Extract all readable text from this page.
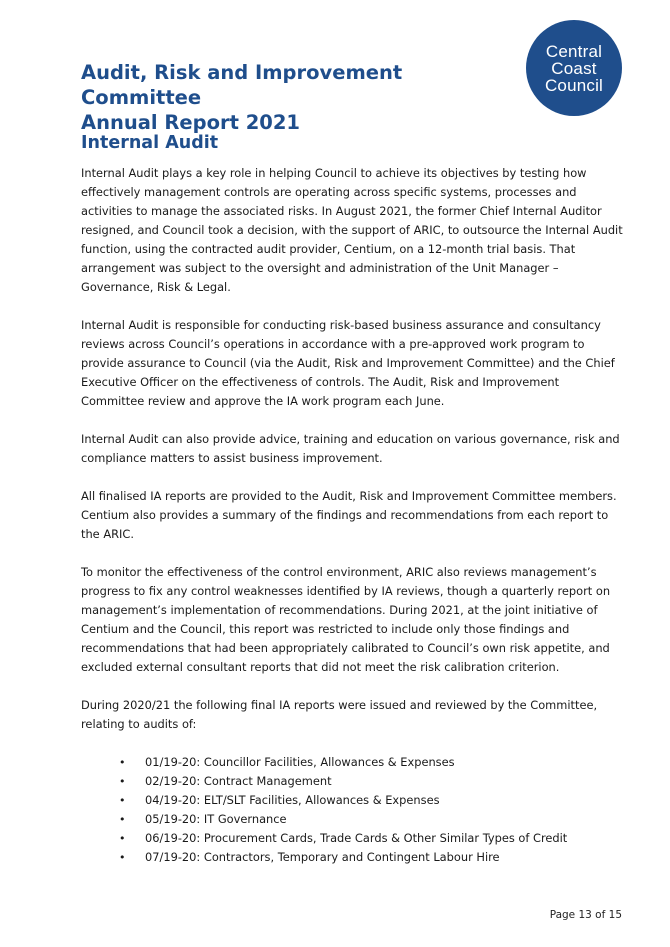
Audit, Risk and Improvement Committee
Annual Report 2021
Central
Coast
Council
Internal Audit

Internal Audit plays a key role in helping Council to achieve its objectives by testing how effectively management controls are operating across specific systems, processes and activities to manage the associated risks. In August 2021, the former Chief Internal Auditor resigned, and Council took a decision, with the support of ARIC, to outsource the Internal Audit function, using the contracted audit provider, Centium, on a 12-month trial basis. That arrangement was subject to the oversight and administration of the Unit Manager – Governance, Risk & Legal.

Internal Audit is responsible for conducting risk-based business assurance and consultancy reviews across Council’s operations in accordance with a pre-approved work program to provide assurance to Council (via the Audit, Risk and Improvement Committee) and the Chief Executive Officer on the effectiveness of controls. The Audit, Risk and Improvement Committee review and approve the IA work program each June.

Internal Audit can also provide advice, training and education on various governance, risk and compliance matters to assist business improvement.

All finalised IA reports are provided to the Audit, Risk and Improvement Committee members. Centium also provides a summary of the findings and recommendations from each report to the ARIC.

To monitor the effectiveness of the control environment, ARIC also reviews management’s progress to fix any control weaknesses identified by IA reviews, though a quarterly report on management’s implementation of recommendations. During 2021, at the joint initiative of Centium and the Council, this report was restricted to include only those findings and recommendations that had been appropriately calibrated to Council’s own risk appetite, and excluded external consultant reports that did not meet the risk calibration criterion.

During 2020/21 the following final IA reports were issued and reviewed by the Committee, relating to audits of:

• 01/19-20: Councillor Facilities, Allowances & Expenses
• 02/19-20: Contract Management
• 04/19-20: ELT/SLT Facilities, Allowances & Expenses
• 05/19-20: IT Governance
• 06/19-20: Procurement Cards, Trade Cards & Other Similar Types of Credit
• 07/19-20: Contractors, Temporary and Contingent Labour Hire
Page 13 of 15
